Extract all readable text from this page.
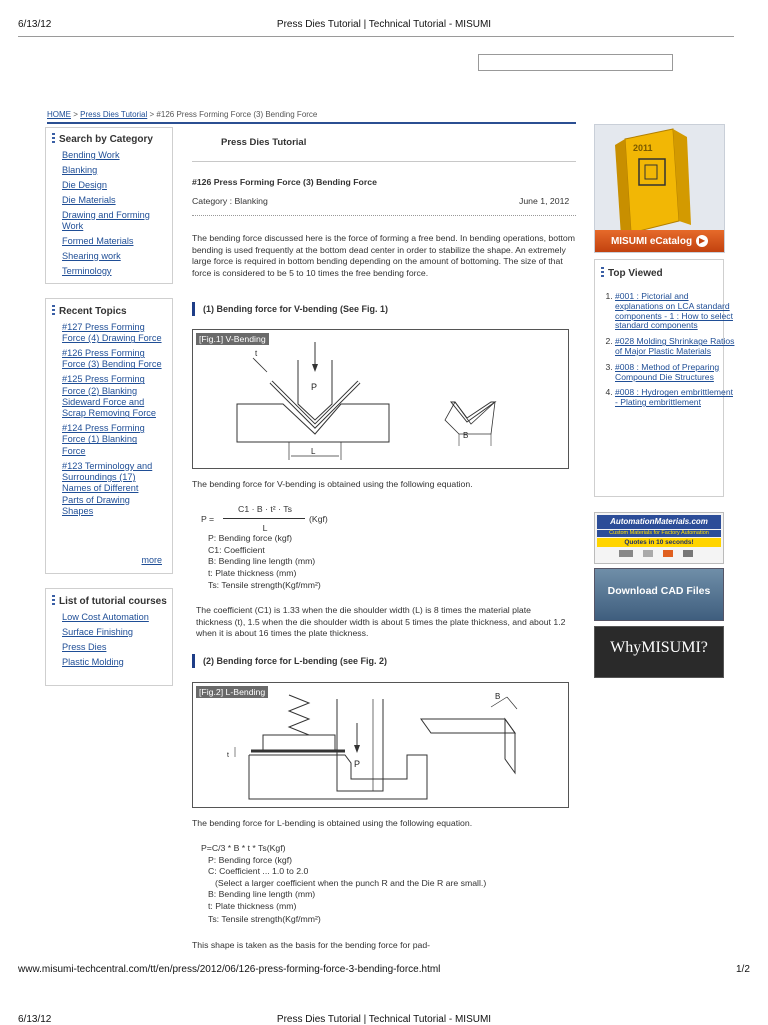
6/13/12	Press Dies Tutorial | Technical Tutorial - MISUMI
HOME > Press Dies Tutorial > #126 Press Forming Force (3) Bending Force
Search by Category
Bending Work
Blanking
Die Design
Die Materials
Drawing and Forming Work
Formed Materials
Shearing work
Terminology
Recent Topics
#127 Press Forming Force (4) Drawing Force
#126 Press Forming Force (3) Bending Force
#125 Press Forming Force (2) Blanking Sideward Force and Scrap Removing Force
#124 Press Forming Force (1) Blanking Force
#123 Terminology and Surroundings (17) Names of Different Parts of Drawing Shapes
more
List of tutorial courses
Low Cost Automation
Surface Finishing
Press Dies
Plastic Molding
Press Dies Tutorial
#126 Press Forming Force (3) Bending Force
Category : Blanking	June 1, 2012
The bending force discussed here is the force of forming a free bend. In bending operations, bottom bending is used frequently at the bottom dead center in order to stabilize the shape. An extremely large force is required in bottom bending depending on the amount of bottoming. The size of that force is considered to be 5 to 10 times the free bending force.
(1) Bending force for V-bending (See Fig. 1)
[Fig.1] V-Bending
P
t
L
B
The bending force for V-bending is obtained using the following equation.
P =
C1 · B · t² · Ts
L
(Kgf)
P: Bending force (kgf)
C1: Coefficient
B: Bending line length (mm)
t: Plate thickness (mm)
Ts: Tensile strength(Kgf/mm²)
The coefficient (C1) is 1.33 when the die shoulder width (L) is 8 times the material plate thickness (t), 1.5 when the die shoulder width is about 5 times the plate thickness, and about 1.2 when it is about 16 times the plate thickness.
(2) Bending force for L-bending (see Fig. 2)
[Fig.2] L-Bending
P
t
B
The bending force for L-bending is obtained using the following equation.
P=C/3 * B * t * Ts(Kgf)
P: Bending force (kgf)
C: Coefficient ... 1.0 to 2.0
(Select a larger coefficient when the punch R and the Die R are small.)
B: Bending line length (mm)
t: Plate thickness (mm)
Ts: Tensile strength(Kgf/mm²)
This shape is taken as the basis for the bending force for pad-
2011
MISUMI eCatalog ▶
Top Viewed
1. #001 : Pictorial and explanations on LCA standard components - 1 : How to select standard components
2. #028 Molding Shrinkage Ratios of Major Plastic Materials
3. #008 : Method of Preparing Compound Die Structures
4. #008 : Hydrogen embrittlement - Plating embrittlement
AutomationMaterials.com
Custom Materials for Factory Automation
Quotes in 10 seconds!
Download CAD Files
WhyMISUMI?
www.misumi-techcentral.com/tt/en/press/2012/06/126-press-forming-force-3-bending-force.html	1/2
6/13/12	Press Dies Tutorial | Technical Tutorial - MISUMI
